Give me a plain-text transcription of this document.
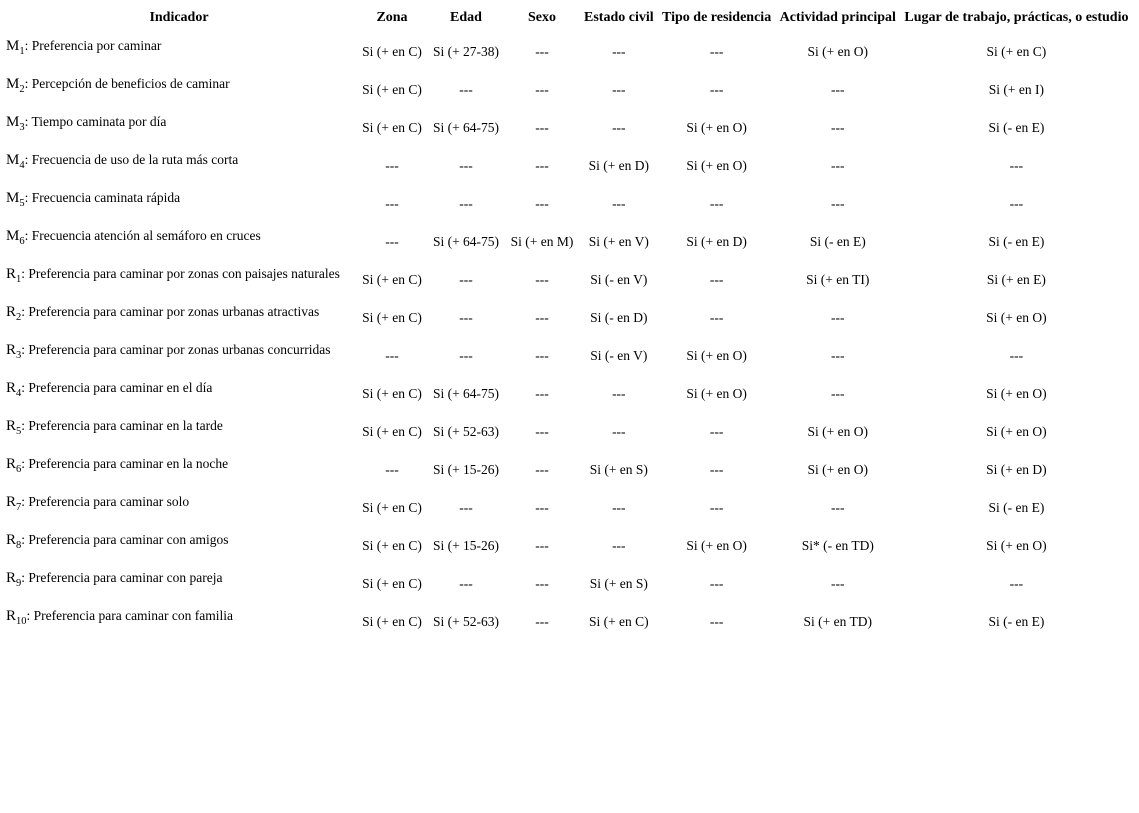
Indicador	Zona	Edad	Sexo	Estado civil	Tipo de residencia	Actividad principal	Lugar de trabajo, prácticas, o estudio
$M_1$: Preferencia por caminar	Si (+ en C)	Si (+ 27-38)	---	---	---	Si (+ en O)	Si (+ en C)
$M_2$: Percepción de beneficios de caminar	Si (+ en C)	---	---	---	---	---	Si (+ en I)
$M_3$: Tiempo caminata por día	Si (+ en C)	Si (+ 64-75)	---	---	Si (+ en O)	---	Si (- en E)
$M_4$: Frecuencia de uso de la ruta más corta	---	---	---	Si (+ en D)	Si (+ en O)	---	---
$M_5$: Frecuencia caminata rápida	---	---	---	---	---	---	---
$M_6$: Frecuencia atención al semáforo en cruces	---	Si (+ 64-75)	Si (+ en M)	Si (+ en V)	Si (+ en D)	Si (- en E)	Si (- en E)
$R_1$: Preferencia para caminar por zonas con paisajes naturales	Si (+ en C)	---	---	Si (- en V)	---	Si (+ en TI)	Si (+ en E)
$R_2$: Preferencia para caminar por zonas urbanas atractivas	Si (+ en C)	---	---	Si (- en D)	---	---	Si (+ en O)
$R_3$: Preferencia para caminar por zonas urbanas concurridas	---	---	---	Si (- en V)	Si (+ en O)	---	---
$R_4$: Preferencia para caminar en el día	Si (+ en C)	Si (+ 64-75)	---	---	Si (+ en O)	---	Si (+ en O)
$R_5$: Preferencia para caminar en la tarde	Si (+ en C)	Si (+ 52-63)	---	---	---	Si (+ en O)	Si (+ en O)
$R_6$: Preferencia para caminar en la noche	---	Si (+ 15-26)	---	Si (+ en S)	---	Si (+ en O)	Si (+ en D)
$R_7$: Preferencia para caminar solo	Si (+ en C)	---	---	---	---	---	Si (- en E)
$R_8$: Preferencia para caminar con amigos	Si (+ en C)	Si (+ 15-26)	---	---	Si (+ en O)	Si* (- en TD)	Si (+ en O)
$R_9$: Preferencia para caminar con pareja	Si (+ en C)	---	---	Si (+ en S)	---	---	---
$R_{10}$: Preferencia para caminar con familia	Si (+ en C)	Si (+ 52-63)	---	Si (+ en C)	---	Si (+ en TD)	Si (- en E)
